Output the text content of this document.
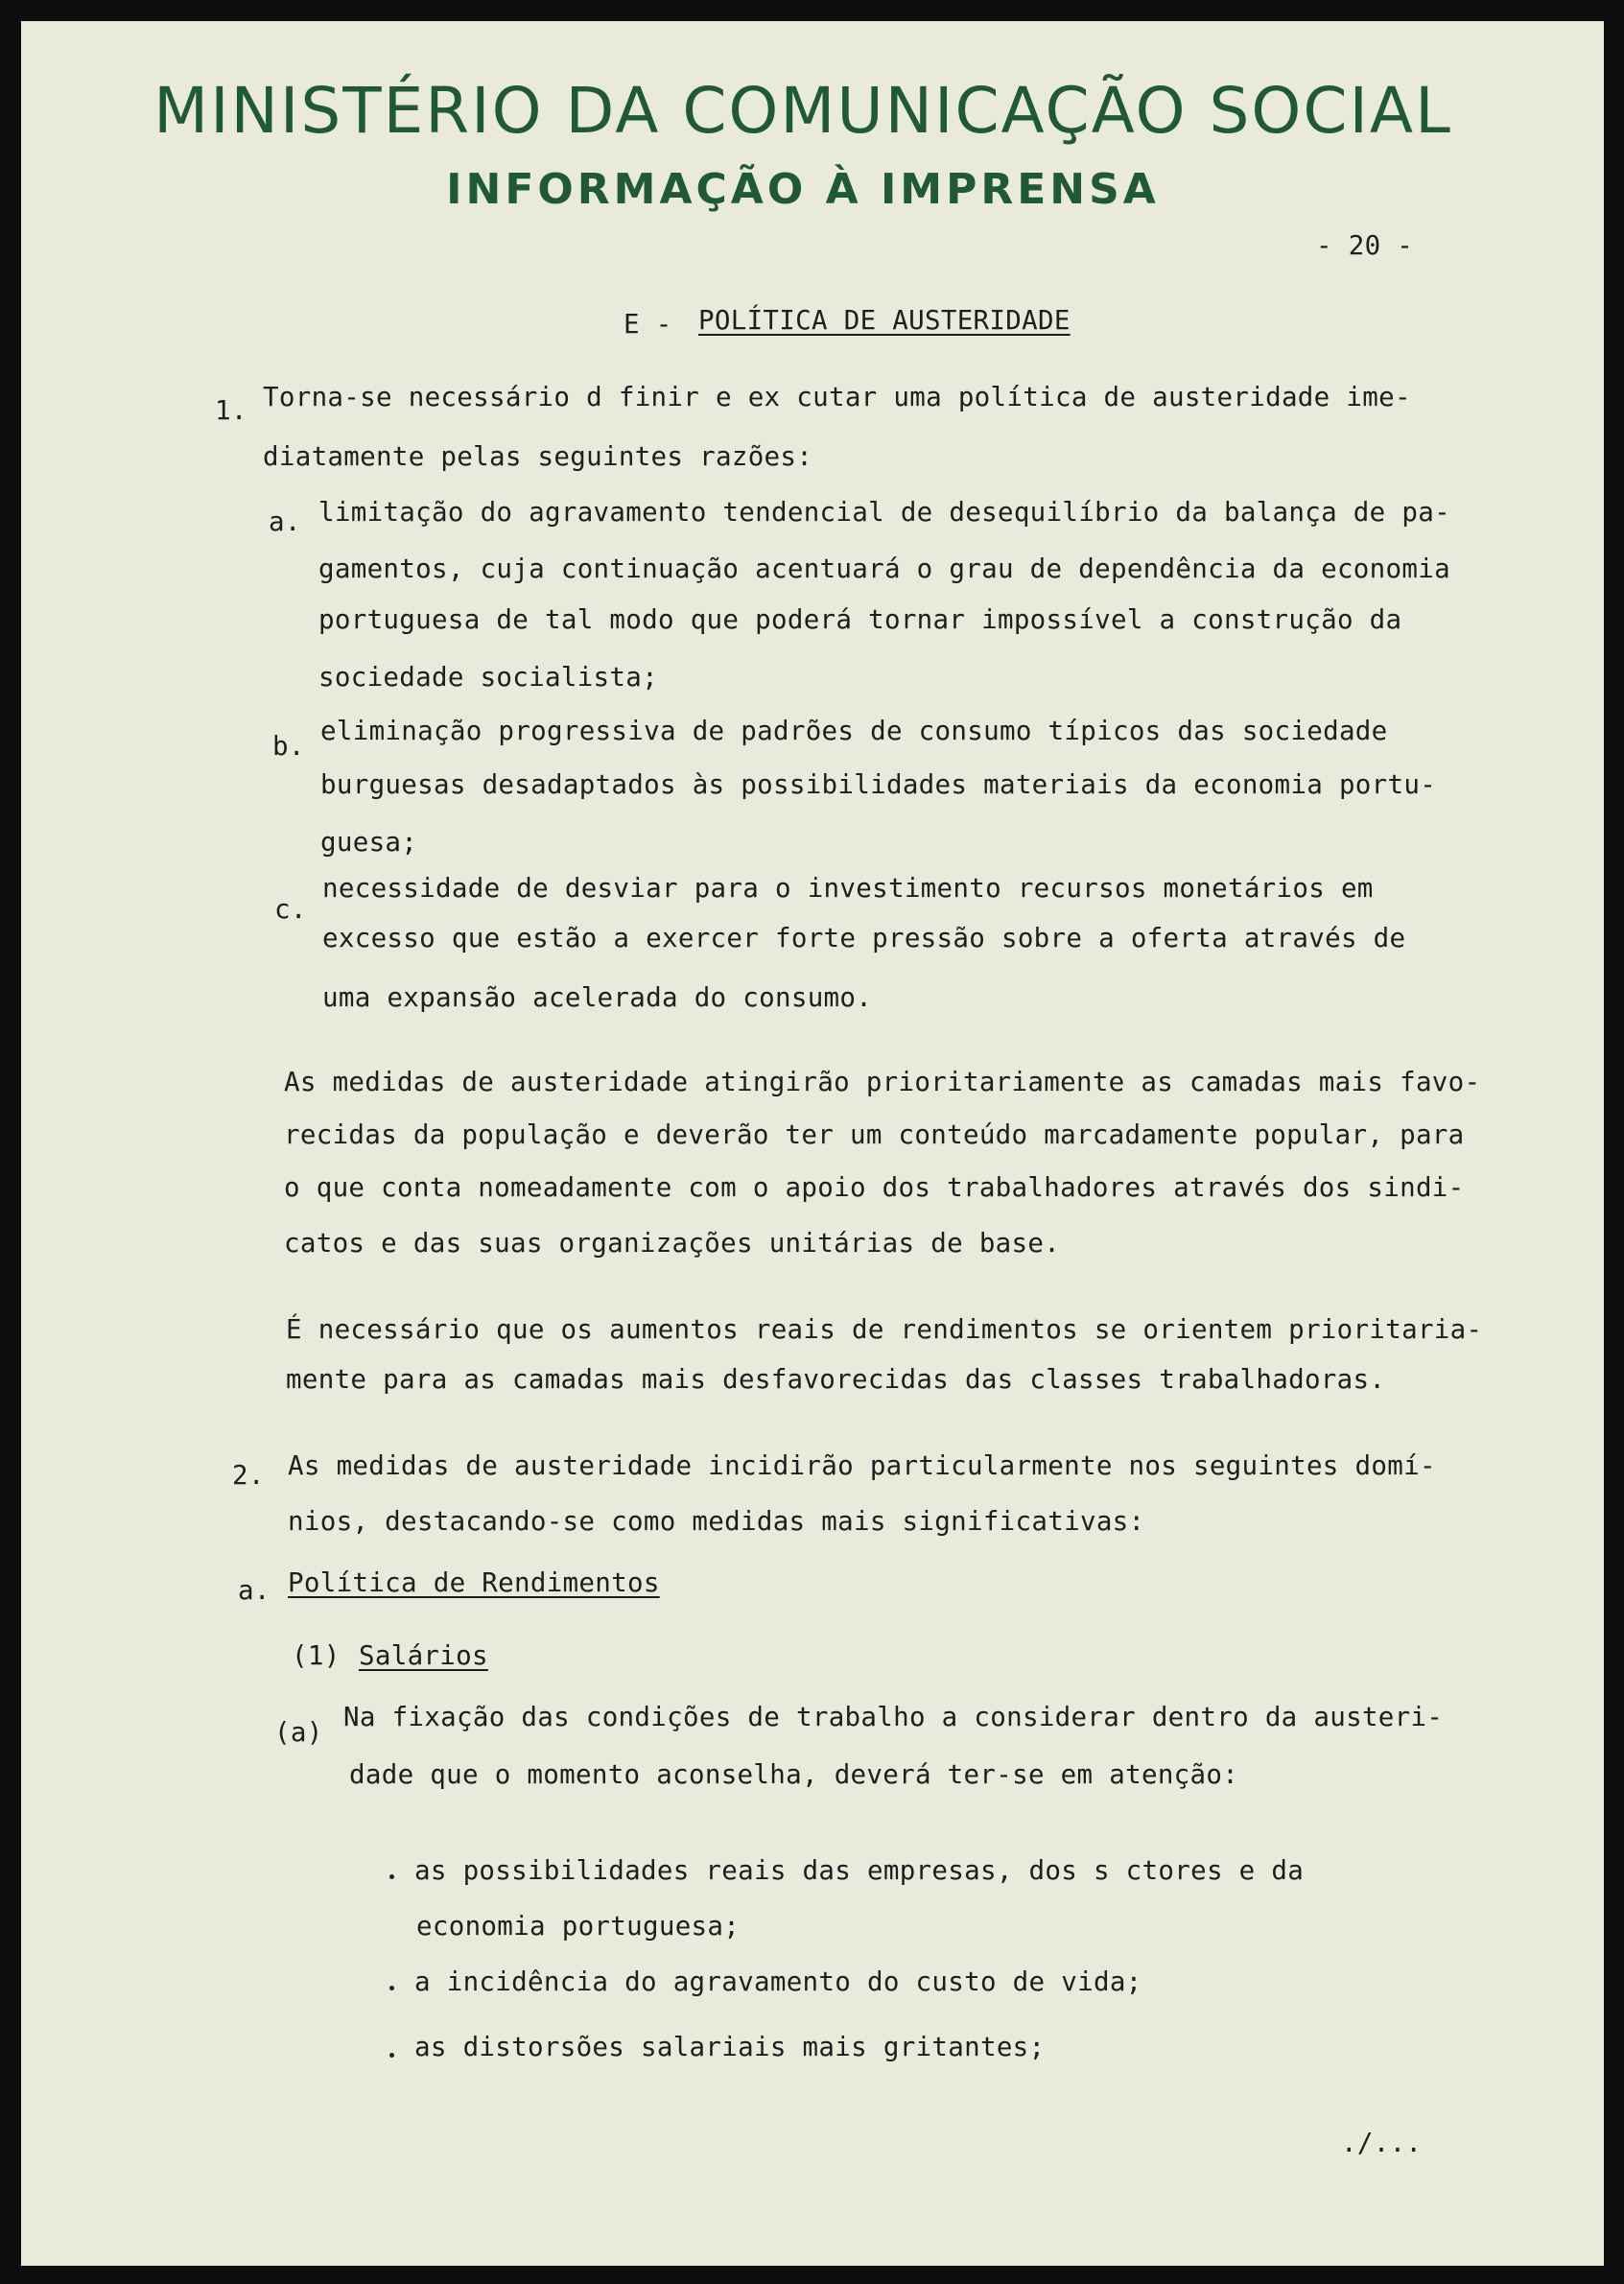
MINISTÉRIO DA COMUNICAÇÃO SOCIAL
INFORMAÇÃO À IMPRENSA
- 20 -
E - POLÍTICA DE AUSTERIDADE
1. Torna-se necessário d finir e ex cutar uma política de austeridade ime-
diatamente pelas seguintes razões:
a. limitação do agravamento tendencial de desequilíbrio da balança de pa-
gamentos, cuja continuação acentuará o grau de dependência da economia
portuguesa de tal modo que poderá tornar impossível a construção da
sociedade socialista;
b. eliminação progressiva de padrões de consumo típicos das sociedade
burguesas desadaptados às possibilidades materiais da economia portu-
guesa;
c.
necessidade de desviar para o investimento recursos monetários em
excesso que estão a exercer forte pressão sobre a oferta através de
uma expansão acelerada do consumo.
As medidas de austeridade atingirão prioritariamente as camadas mais favo-
recidas da população e deverão ter um conteúdo marcadamente popular, para
o que conta nomeadamente com o apoio dos trabalhadores através dos sindi-
catos e das suas organizações unitárias de base.
É necessário que os aumentos reais de rendimentos se orientem prioritaria-
mente para as camadas mais desfavorecidas das classes trabalhadoras.
2. As medidas de austeridade incidirão particularmente nos seguintes domí-
nios, destacando-se como medidas mais significativas:
a. Política de Rendimentos
(1) Salários
(a) Na fixação das condições de trabalho a considerar dentro da austeri-
dade que o momento aconselha, deverá ter-se em atenção:
as possibilidades reais das empresas, dos s ctores e da
economia portuguesa;
a incidência do agravamento do custo de vida;
as distorsões salariais mais gritantes;
./...
